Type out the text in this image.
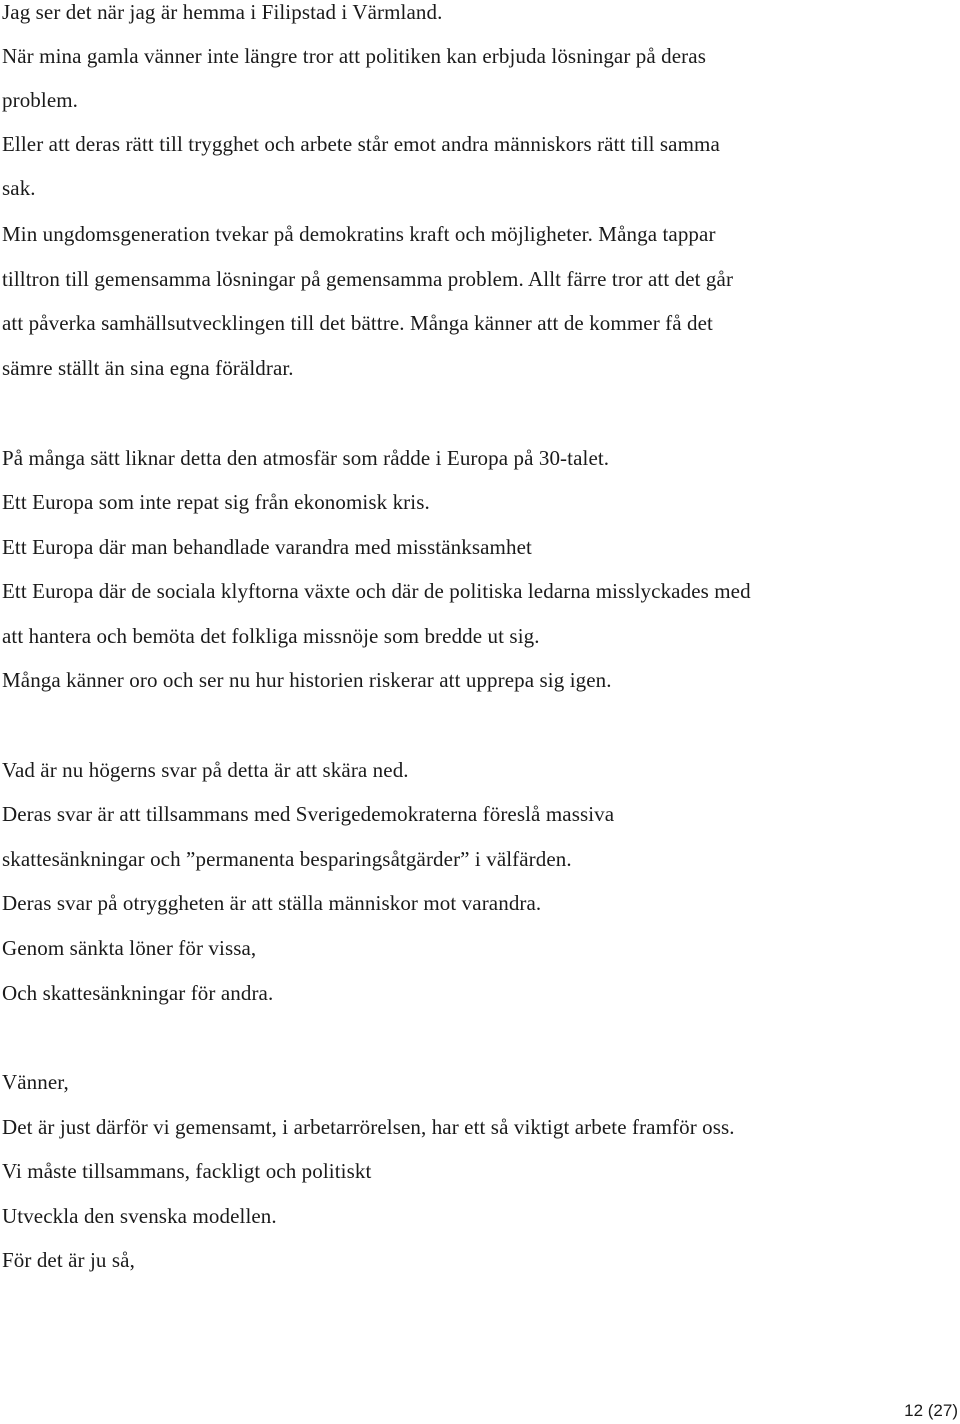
Jag ser det när jag är hemma i Filipstad i Värmland.
När mina gamla vänner inte längre tror att politiken kan erbjuda lösningar på deras
problem.
Eller att deras rätt till trygghet och arbete står emot andra människors rätt till samma
sak.
Min ungdomsgeneration tvekar på demokratins kraft och möjligheter. Många tappar
tilltron till gemensamma lösningar på gemensamma problem. Allt färre tror att det går
att påverka samhällsutvecklingen till det bättre. Många känner att de kommer få det
sämre ställt än sina egna föräldrar.
På många sätt liknar detta den atmosfär som rådde i Europa på 30-talet.
Ett Europa som inte repat sig från ekonomisk kris.
Ett Europa där man behandlade varandra med misstänksamhet
Ett Europa där de sociala klyftorna växte och där de politiska ledarna misslyckades med
att hantera och bemöta det folkliga missnöje som bredde ut sig.
Många känner oro och ser nu hur historien riskerar att upprepa sig igen.
Vad är nu högerns svar på detta är att skära ned.
Deras svar är att tillsammans med Sverigedemokraterna föreslå massiva
skattesänkningar och ”permanenta besparingsåtgärder” i välfärden.
Deras svar på otryggheten är att ställa människor mot varandra.
Genom sänkta löner för vissa,
Och skattesänkningar för andra.
Vänner,
Det är just därför vi gemensamt, i arbetarrörelsen, har ett så viktigt arbete framför oss.
Vi måste tillsammans, fackligt och politiskt
Utveckla den svenska modellen.
För det är ju så,
12 (27)
